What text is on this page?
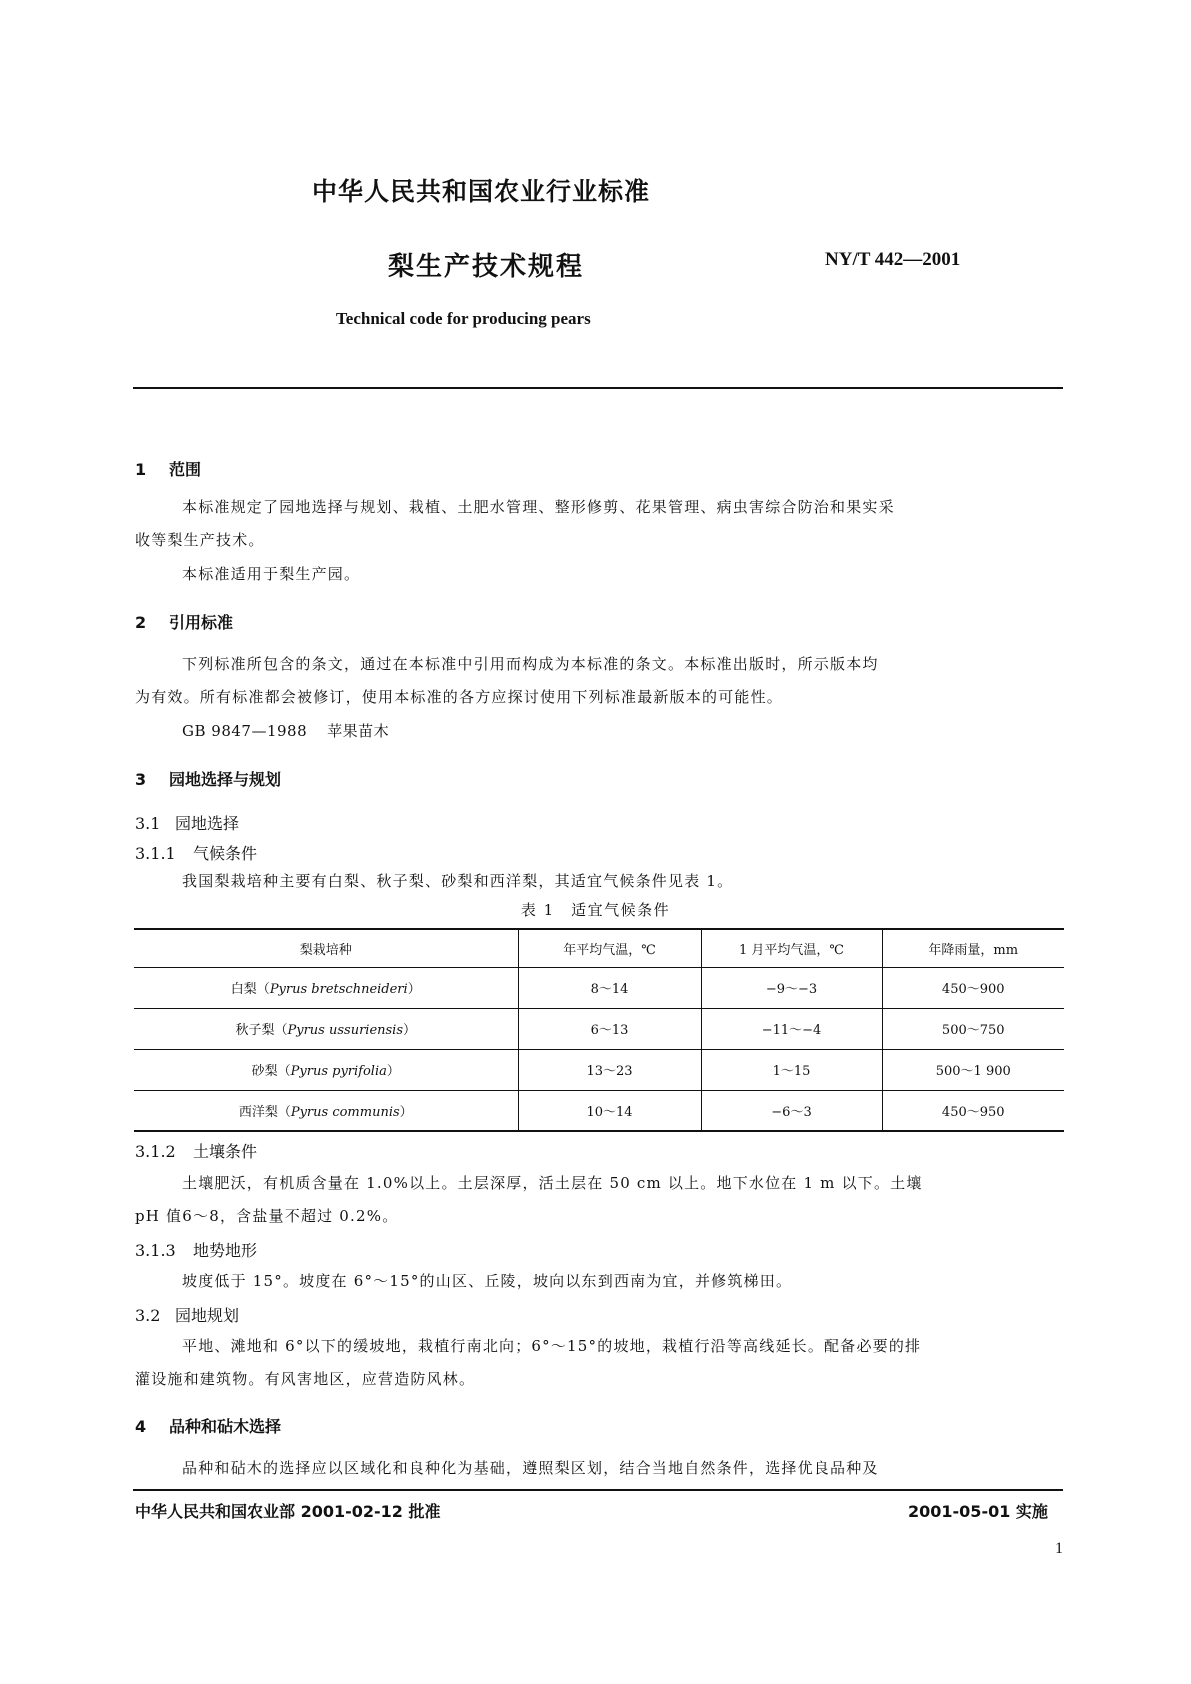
中华人民共和国农业行业标准
梨生产技术规程	NY/T 442—2001
Technical code for producing pears
1 范围
本标准规定了园地选择与规划、栽植、土肥水管理、整形修剪、花果管理、病虫害综合防治和果实采
收等梨生产技术。
本标准适用于梨生产园。
2 引用标准
下列标准所包含的条文，通过在本标准中引用而构成为本标准的条文。本标准出版时，所示版本均
为有效。所有标准都会被修订，使用本标准的各方应探讨使用下列标准最新版本的可能性。
GB 9847—1988 苹果苗木
3 园地选择与规划
3.1 园地选择
3.1.1 气候条件
我国梨栽培种主要有白梨、秋子梨、砂梨和西洋梨，其适宜气候条件见表 1。
表 1　适宜气候条件
梨栽培种	年平均气温，℃	1 月平均气温，℃	年降雨量，mm
白梨（Pyrus bretschneideri）	8～14	−9～−3	450～900
秋子梨（Pyrus ussuriensis）	6～13	−11～−4	500～750
砂梨（Pyrus pyrifolia）	13～23	1～15	500～1 900
西洋梨（Pyrus communis）	10～14	−6～3	450～950
3.1.2 土壤条件
土壤肥沃，有机质含量在 1.0%以上。土层深厚，活土层在 50 cm 以上。地下水位在 1 m 以下。土壤
pH 值6～8，含盐量不超过 0.2%。
3.1.3 地势地形
坡度低于 15°。坡度在 6°～15°的山区、丘陵，坡向以东到西南为宜，并修筑梯田。
3.2 园地规划
平地、滩地和 6°以下的缓坡地，栽植行南北向；6°～15°的坡地，栽植行沿等高线延长。配备必要的排
灌设施和建筑物。有风害地区，应营造防风林。
4 品种和砧木选择
品种和砧木的选择应以区域化和良种化为基础，遵照梨区划，结合当地自然条件，选择优良品种及
中华人民共和国农业部 2001-02-12 批准	2001-05-01 实施
1
